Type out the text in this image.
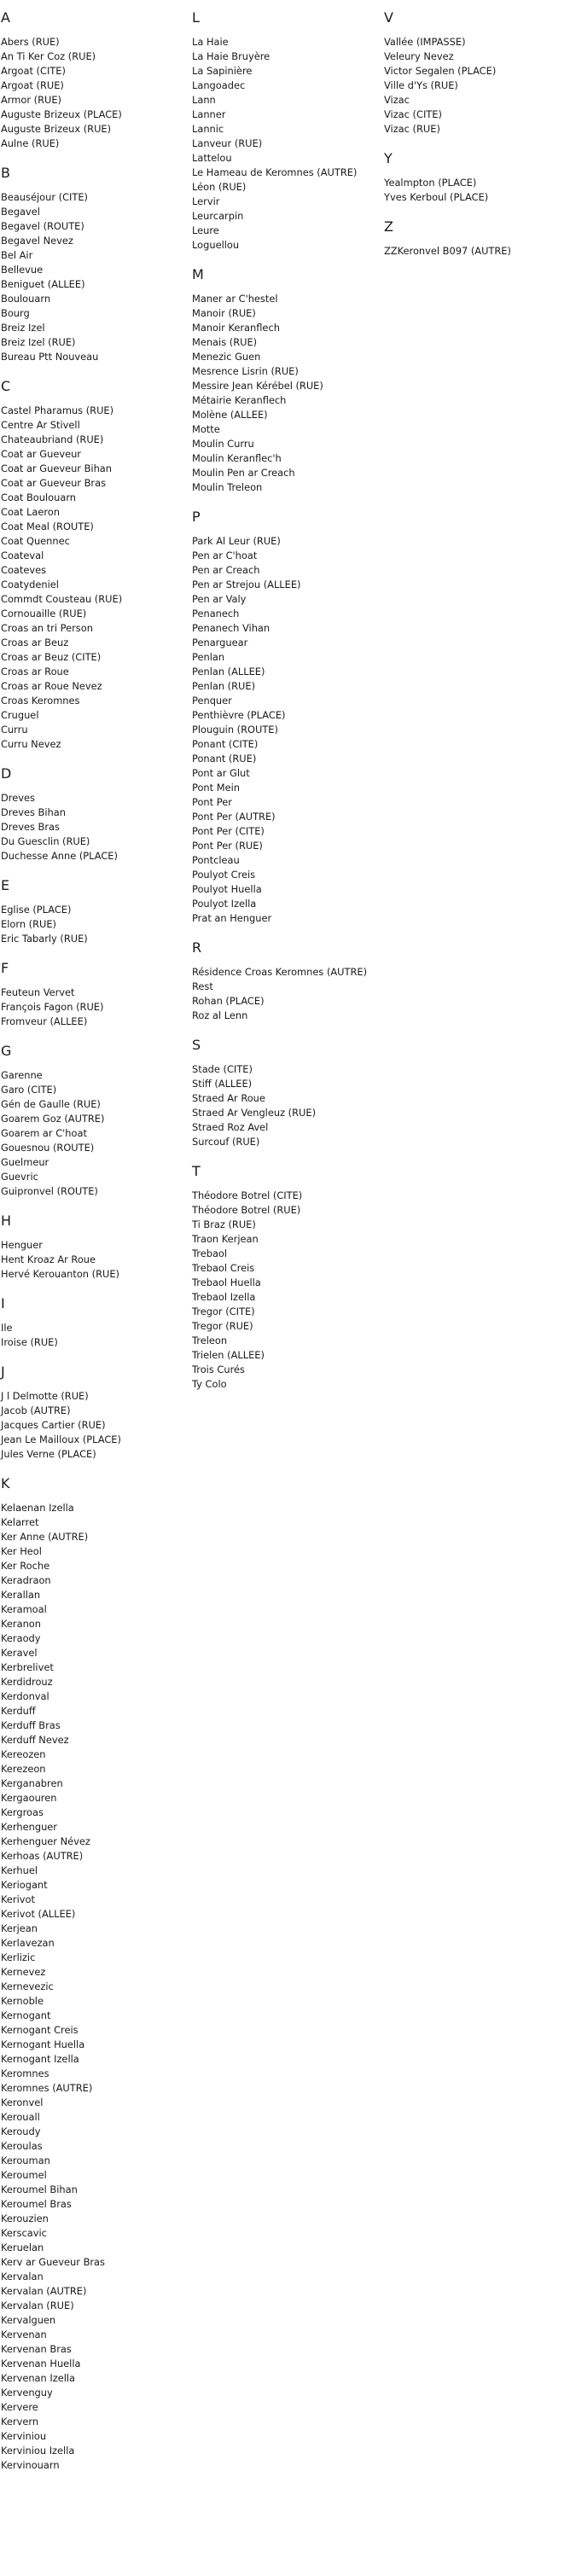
A
Abers (RUE)
An Ti Ker Coz (RUE)
Argoat (CITE)
Argoat (RUE)
Armor (RUE)
Auguste Brizeux (PLACE)
Auguste Brizeux (RUE)
Aulne (RUE)
B
Beauséjour (CITE)
Begavel
Begavel (ROUTE)
Begavel Nevez
Bel Air
Bellevue
Beniguet (ALLEE)
Boulouarn
Bourg
Breiz Izel
Breiz Izel (RUE)
Bureau Ptt Nouveau
C
Castel Pharamus (RUE)
Centre Ar Stivell
Chateaubriand (RUE)
Coat ar Gueveur
Coat ar Gueveur Bihan
Coat ar Gueveur Bras
Coat Boulouarn
Coat Laeron
Coat Meal (ROUTE)
Coat Quennec
Coateval
Coateves
Coatydeniel
Commdt Cousteau (RUE)
Cornouaille (RUE)
Croas an tri Person
Croas ar Beuz
Croas ar Beuz (CITE)
Croas ar Roue
Croas ar Roue Nevez
Croas Keromnes
Cruguel
Curru
Curru Nevez
D
Dreves
Dreves Bihan
Dreves Bras
Du Guesclin (RUE)
Duchesse Anne (PLACE)
E
Eglise (PLACE)
Elorn (RUE)
Eric Tabarly (RUE)
F
Feuteun Vervet
François Fagon (RUE)
Fromveur (ALLEE)
G
Garenne
Garo (CITE)
Gén de Gaulle (RUE)
Goarem Goz (AUTRE)
Goarem ar C'hoat
Gouesnou (ROUTE)
Guelmeur
Guevric
Guipronvel (ROUTE)
H
Henguer
Hent Kroaz Ar Roue
Hervé Kerouanton (RUE)
I
Ile
Iroise (RUE)
J
J l Delmotte (RUE)
Jacob (AUTRE)
Jacques Cartier (RUE)
Jean Le Mailloux (PLACE)
Jules Verne (PLACE)
K
Kelaenan Izella
Kelarret
Ker Anne (AUTRE)
Ker Heol
Ker Roche
Keradraon
Kerallan
Keramoal
Keranon
Keraody
Keravel
Kerbrelivet
Kerdidrouz
Kerdonval
Kerduff
Kerduff Bras
Kerduff Nevez
Kereozen
Kerezeon
Kerganabren
Kergaouren
Kergroas
Kerhenguer
Kerhenguer Névez
Kerhoas (AUTRE)
Kerhuel
Keriogant
Kerivot
Kerivot (ALLEE)
Kerjean
Kerlavezan
Kerlizic
Kernevez
Kernevezic
Kernoble
Kernogant
Kernogant Creis
Kernogant Huella
Kernogant Izella
Keromnes
Keromnes (AUTRE)
Keronvel
Kerouall
Keroudy
Keroulas
Kerouman
Keroumel
Keroumel Bihan
Keroumel Bras
Kerouzien
Kerscavic
Keruelan
Kerv ar Gueveur Bras
Kervalan
Kervalan (AUTRE)
Kervalan (RUE)
Kervalguen
Kervenan
Kervenan Bras
Kervenan Huella
Kervenan Izella
Kervenguy
Kervere
Kervern
Kerviniou
Kerviniou Izella
Kervinouarn
L
La Haie
La Haie Bruyère
La Sapinière
Langoadec
Lann
Lanner
Lannic
Lanveur (RUE)
Lattelou
Le Hameau de Keromnes (AUTRE)
Léon (RUE)
Lervir
Leurcarpin
Leure
Loguellou
M
Maner ar C'hestel
Manoir (RUE)
Manoir Keranflech
Menais (RUE)
Menezic Guen
Mesrence Lisrin (RUE)
Messire Jean Kérébel (RUE)
Métairie Keranflech
Molène (ALLEE)
Motte
Moulin Curru
Moulin Keranflec'h
Moulin Pen ar Creach
Moulin Treleon
P
Park Al Leur (RUE)
Pen ar C'hoat
Pen ar Creach
Pen ar Strejou (ALLEE)
Pen ar Valy
Penanech
Penanech Vihan
Penarguear
Penlan
Penlan (ALLEE)
Penlan (RUE)
Penquer
Penthièvre (PLACE)
Plouguin (ROUTE)
Ponant (CITE)
Ponant (RUE)
Pont ar Glut
Pont Mein
Pont Per
Pont Per (AUTRE)
Pont Per (CITE)
Pont Per (RUE)
Pontcleau
Poulyot Creis
Poulyot Huella
Poulyot Izella
Prat an Henguer
R
Résidence Croas Keromnes (AUTRE)
Rest
Rohan (PLACE)
Roz al Lenn
S
Stade (CITE)
Stiff (ALLEE)
Straed Ar Roue
Straed Ar Vengleuz (RUE)
Straed Roz Avel
Surcouf (RUE)
T
Théodore Botrel (CITE)
Théodore Botrel (RUE)
Ti Braz (RUE)
Traon Kerjean
Trebaol
Trebaol Creis
Trebaol Huella
Trebaol Izella
Tregor (CITE)
Tregor (RUE)
Treleon
Trielen (ALLEE)
Trois Curés
Ty Colo
V
Vallée (IMPASSE)
Veleury Nevez
Victor Segalen (PLACE)
Ville d'Ys (RUE)
Vizac
Vizac (CITE)
Vizac (RUE)
Y
Yealmpton (PLACE)
Yves Kerboul (PLACE)
Z
ZZKeronvel B097 (AUTRE)
